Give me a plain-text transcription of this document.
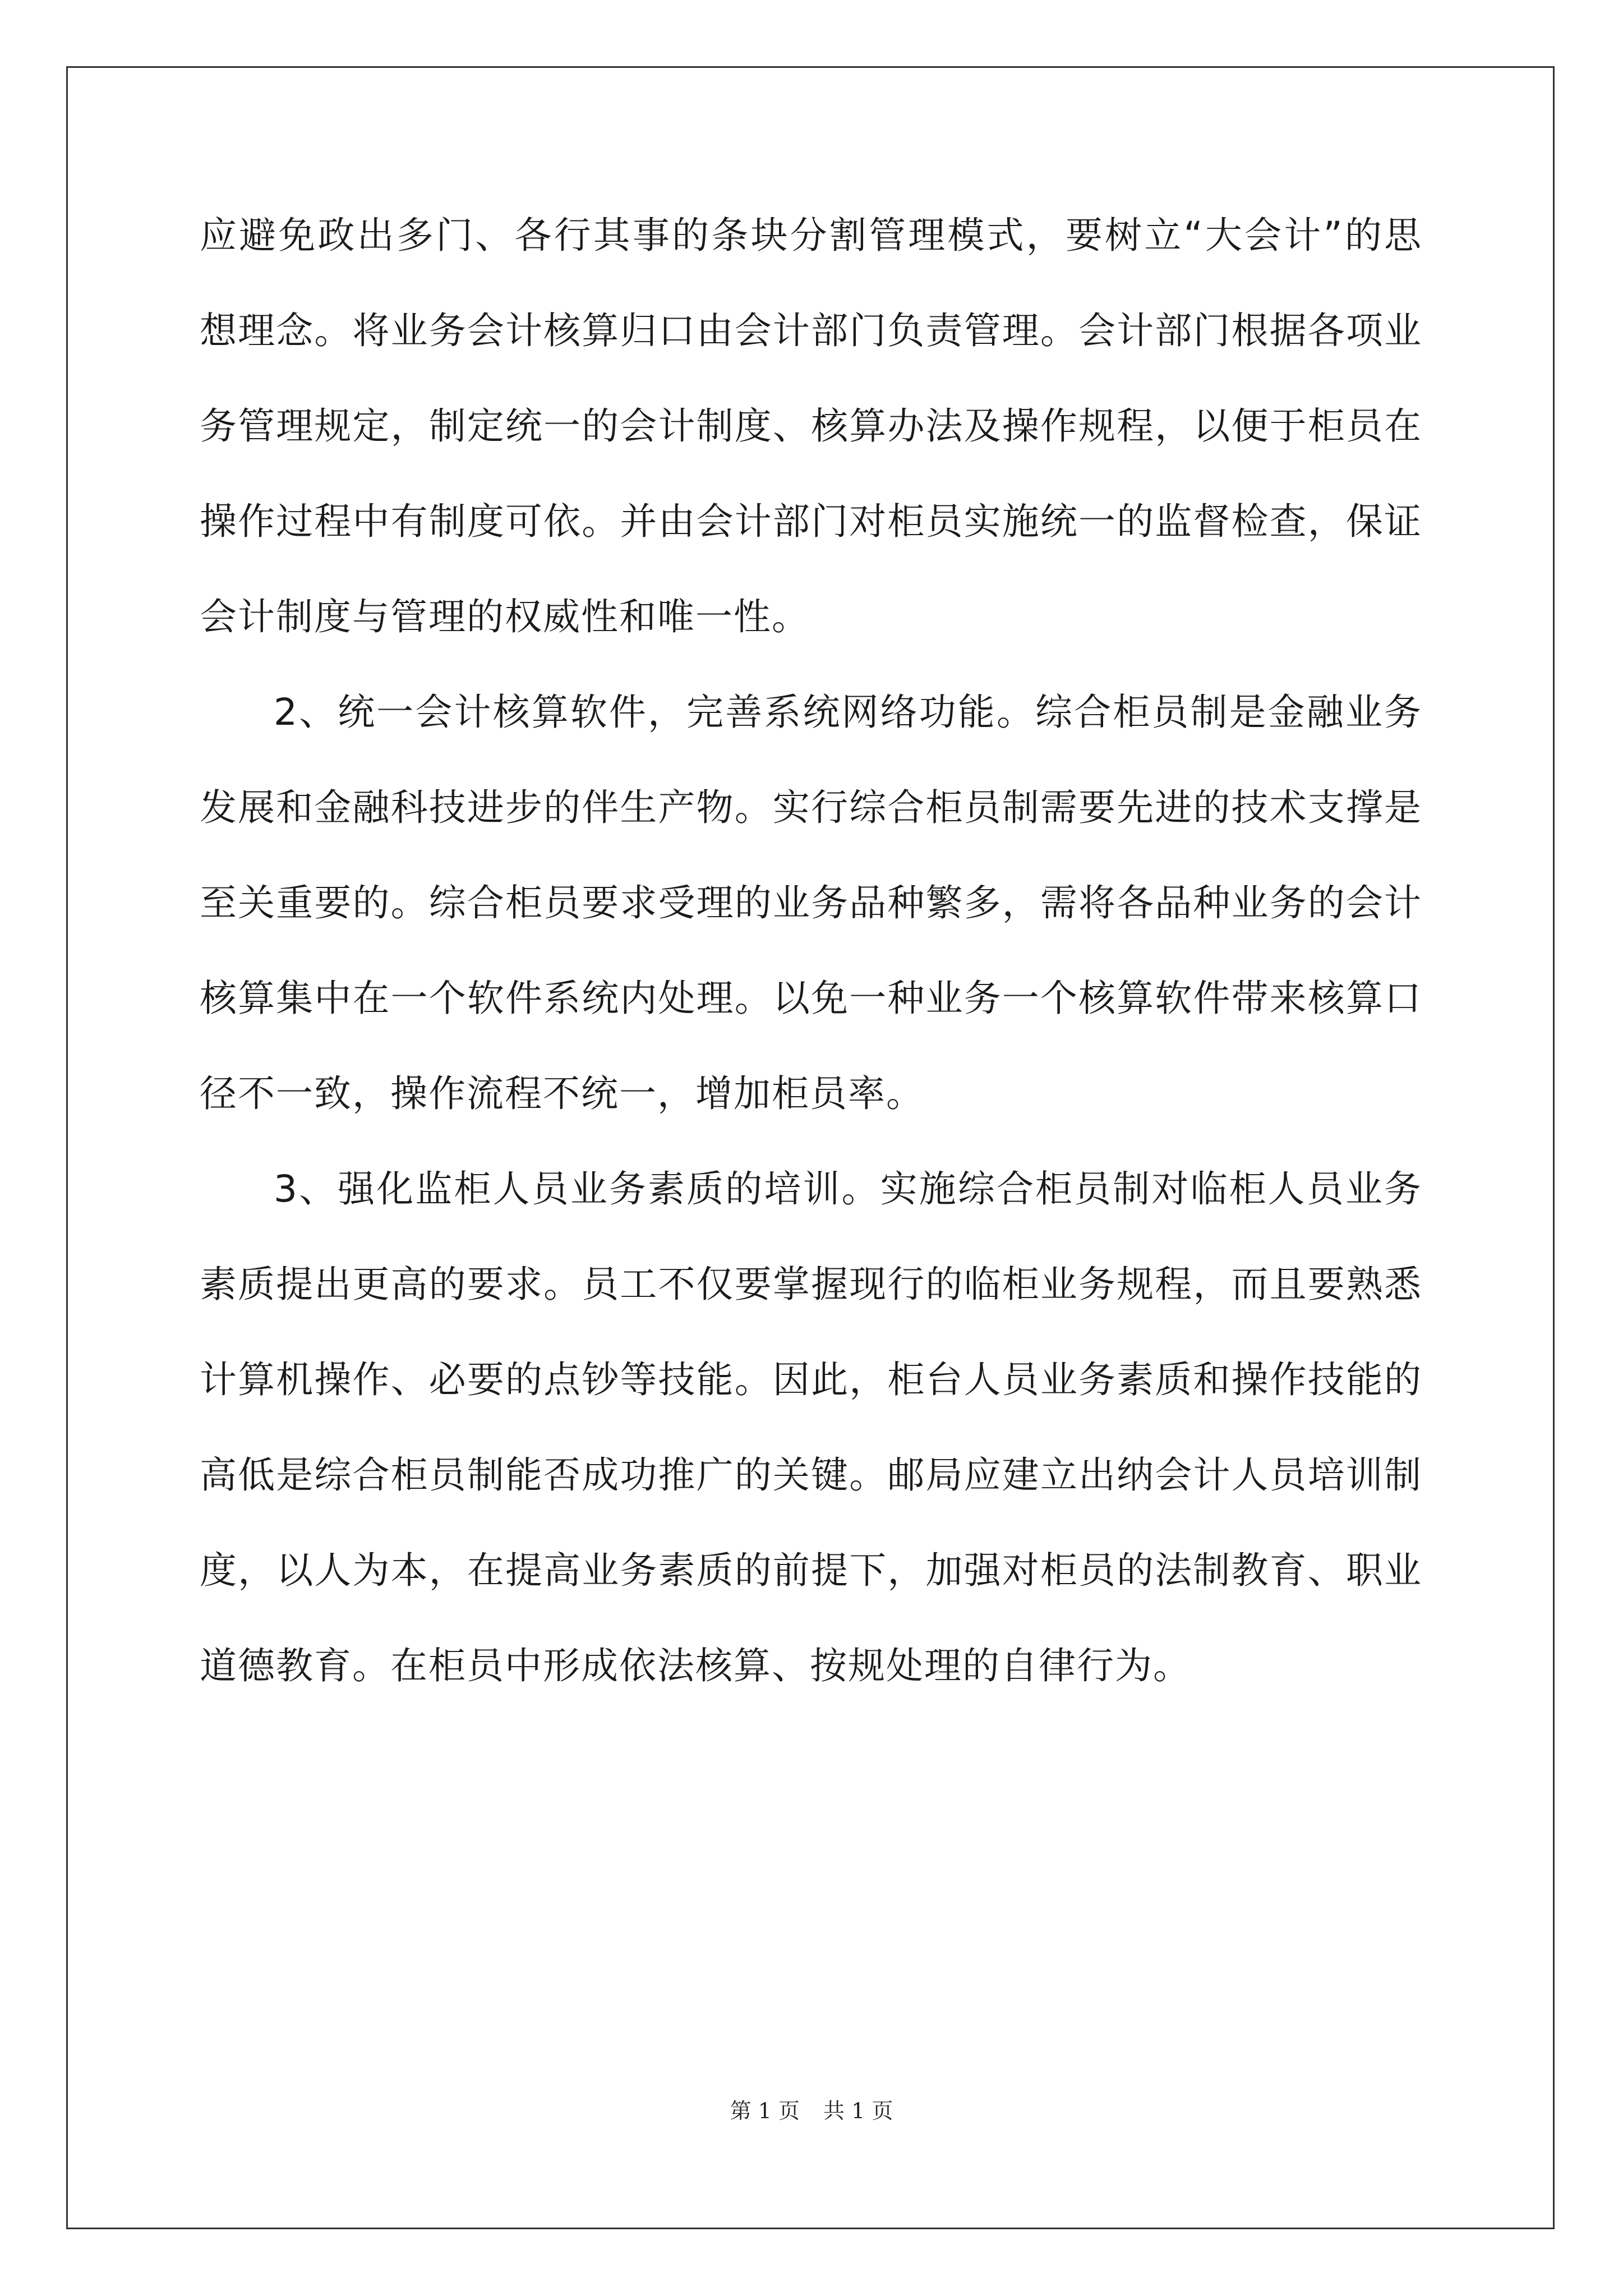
应避免政出多门、各行其事的条块分割管理模式，要树立“大会计”的思想理念。将业务会计核算归口由会计部门负责管理。会计部门根据各项业务管理规定，制定统一的会计制度、核算办法及操作规程，以便于柜员在操作过程中有制度可依。并由会计部门对柜员实施统一的监督检查，保证会计制度与管理的权威性和唯一性。

2、统一会计核算软件，完善系统网络功能。综合柜员制是金融业务发展和金融科技进步的伴生产物。实行综合柜员制需要先进的技术支撑是至关重要的。综合柜员要求受理的业务品种繁多，需将各品种业务的会计核算集中在一个软件系统内处理。以免一种业务一个核算软件带来核算口径不一致，操作流程不统一，增加柜员率。

3、强化监柜人员业务素质的培训。实施综合柜员制对临柜人员业务素质提出更高的要求。员工不仅要掌握现行的临柜业务规程，而且要熟悉计算机操作、必要的点钞等技能。因此，柜台人员业务素质和操作技能的高低是综合柜员制能否成功推广的关键。邮局应建立出纳会计人员培训制度，以人为本，在提高业务素质的前提下，加强对柜员的法制教育、职业道德教育。在柜员中形成依法核算、按规处理的自律行为。

第 1 页 共 1 页
